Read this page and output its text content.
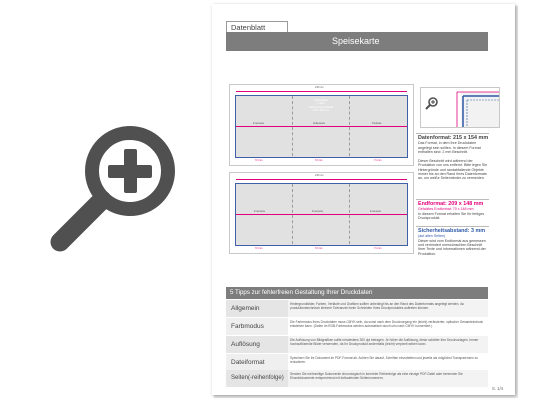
Datenblatt
Speisekarte
215 mm
Speisekarte
3-fach
Falzung Standardfalz
215 x 154 mm
Innenseite	Außenseite	Titelseite
72 mm	72 mm	71 mm
215 mm
Innenseite	Innenseite	Innenseite
72 mm	72 mm	71 mm
Datenformat: 215 x 154 mm
Das Format, in dem Ihre Druckdaten angelegt sein sollten. In diesem Format enthalten sind: 2 mm Beschnitt.
Dieser Beschnitt wird während der Produktion von uns entfernt. Bitte legen Sie Hintergründe und randabfallende Objekte immer bis an den Rand Ihres Datenformats an, um weiße Seitenränder zu vermeiden.
Endformat: 209 x 148 mm
Gefalztes Endformat: 70 x 148 mm
In diesem Format erhalten Sie Ihr fertiges Druckprodukt.
Sicherheitsabstand: 3 mm
(auf allen Seiten)
Dieser wird vom Endformat aus gemessen und verhindert unerwünschten Beschnitt Ihrer Texte und Informationen während der Produktion.
5 Tipps zur fehlerfreien Gestaltung Ihrer Druckdaten
Allgemein
Hintergrundbilder, Farben, Verläufe und Grafiken sollten unbedingt bis an den Rand des Datenformats angelegt werden, da produktionstechnisch kleinere Toleranzen beim Schneiden Ihres Druckproduktes auftreten können.
Farbmodus
Die Farbmodus Ihres Druckdaten muss CMYK sein, da sonst nach dem Druckvorgang ein (leicht) veränderter, optischer Gesamteindruck entstehen kann. (Daten im RGB-Farbmodus werden automatisch durch uns nach CMYK konvertiert.)
Auflösung
Die Auflösung von Bildgrafiken sollte mindestens 300 dpi betragen. Je höher die Auflösung, desto schärfer Ihre Druckvorlagen. Immer hochauflösende Bilder verwenden, da Ihr Druckprodukt andernfalls (leicht) verpixelt wirken kann.
Dateiformat
Speichern Sie Ihr Dokument im PDF-Format ab. Achten Sie darauf, Schriften einzubetten und jeweils als möglichst Transparenzen zu reduzieren.
Seiten(-reihenfolge)
Senden Sie mehrseitige Dokumente chronologisch in korrekter Reihenfolge als eine einzige PDF-Datei oder benennen Sie Einzeldokumente entsprechend mit fortlaufenden Seitennummern.
S. 1/4
